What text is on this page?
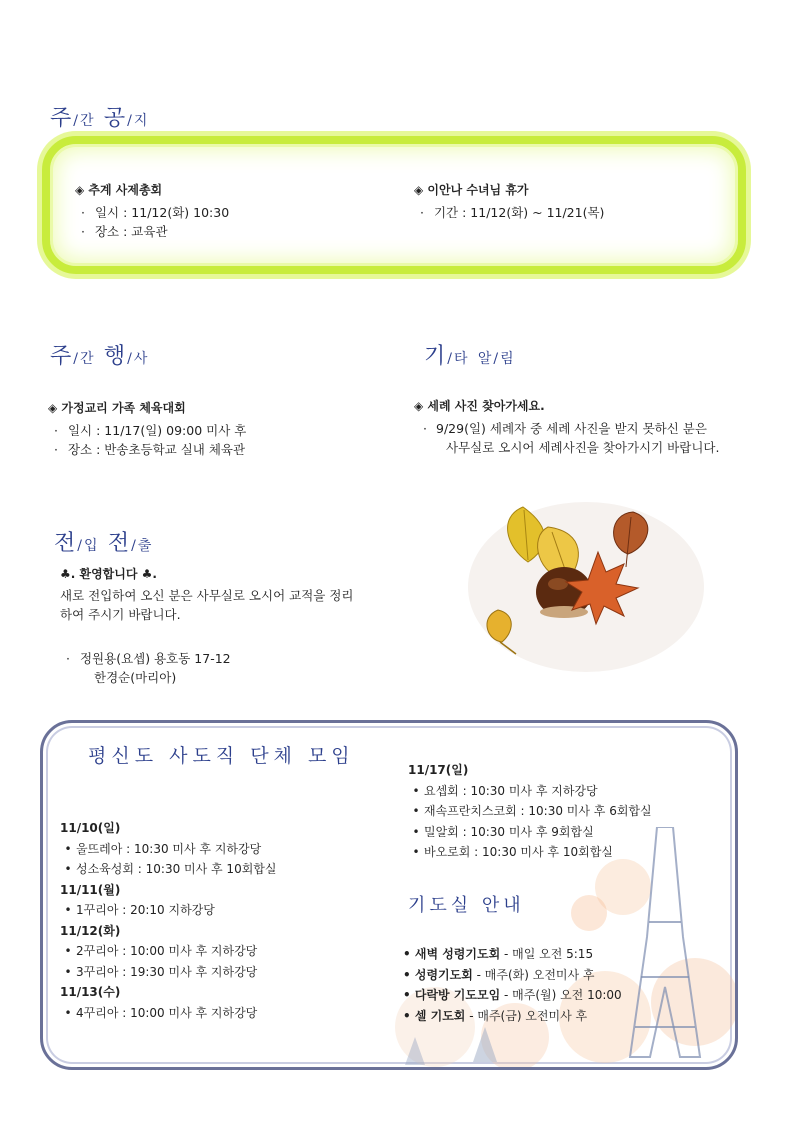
주/간 공/지
◈ 추계 사제총회
· 일시 : 11/12(화) 10:30
· 장소 : 교육관
◈ 이안나 수녀님 휴가
· 기간 : 11/12(화) ~ 11/21(목)
주/간 행/사
◈ 가정교리 가족 체육대회
· 일시 : 11/17(일) 09:00 미사 후
· 장소 : 반송초등학교 실내 체육관
기/타 알/림
◈ 세례 사진 찾아가세요.
· 9/29(일) 세례자 중 세례 사진을 받지 못하신 분은
사무실로 오시어 세례사진을 찾아가시기 바랍니다.
전/입 전/출
♣. 환영합니다 ♣.
새로 전입하여 오신 분은 사무실로 오시어 교적을 정리
하여 주시기 바랍니다.
· 정원용(요셉) 용호동 17-12
한경순(마리아)
평신도 사도직 단체 모임
11/10(일)
• 울뜨레아 : 10:30 미사 후 지하강당
• 성소육성회 : 10:30 미사 후 10회합실
11/11(월)
• 1꾸리아 : 20:10 지하강당
11/12(화)
• 2꾸리아 : 10:00 미사 후 지하강당
• 3꾸리아 : 19:30 미사 후 지하강당
11/13(수)
• 4꾸리아 : 10:00 미사 후 지하강당
11/17(일)
• 요셉회 : 10:30 미사 후 지하강당
• 재속프란치스코회 : 10:30 미사 후 6회합실
• 밀알회 : 10:30 미사 후 9회합실
• 바오로회 : 10:30 미사 후 10회합실
기도실 안내
• 새벽 성령기도회 - 매일 오전 5:15
• 성령기도회 - 매주(화) 오전미사 후
• 다락방 기도모임 - 매주(월) 오전 10:00
• 셀 기도회 - 매주(금) 오전미사 후
